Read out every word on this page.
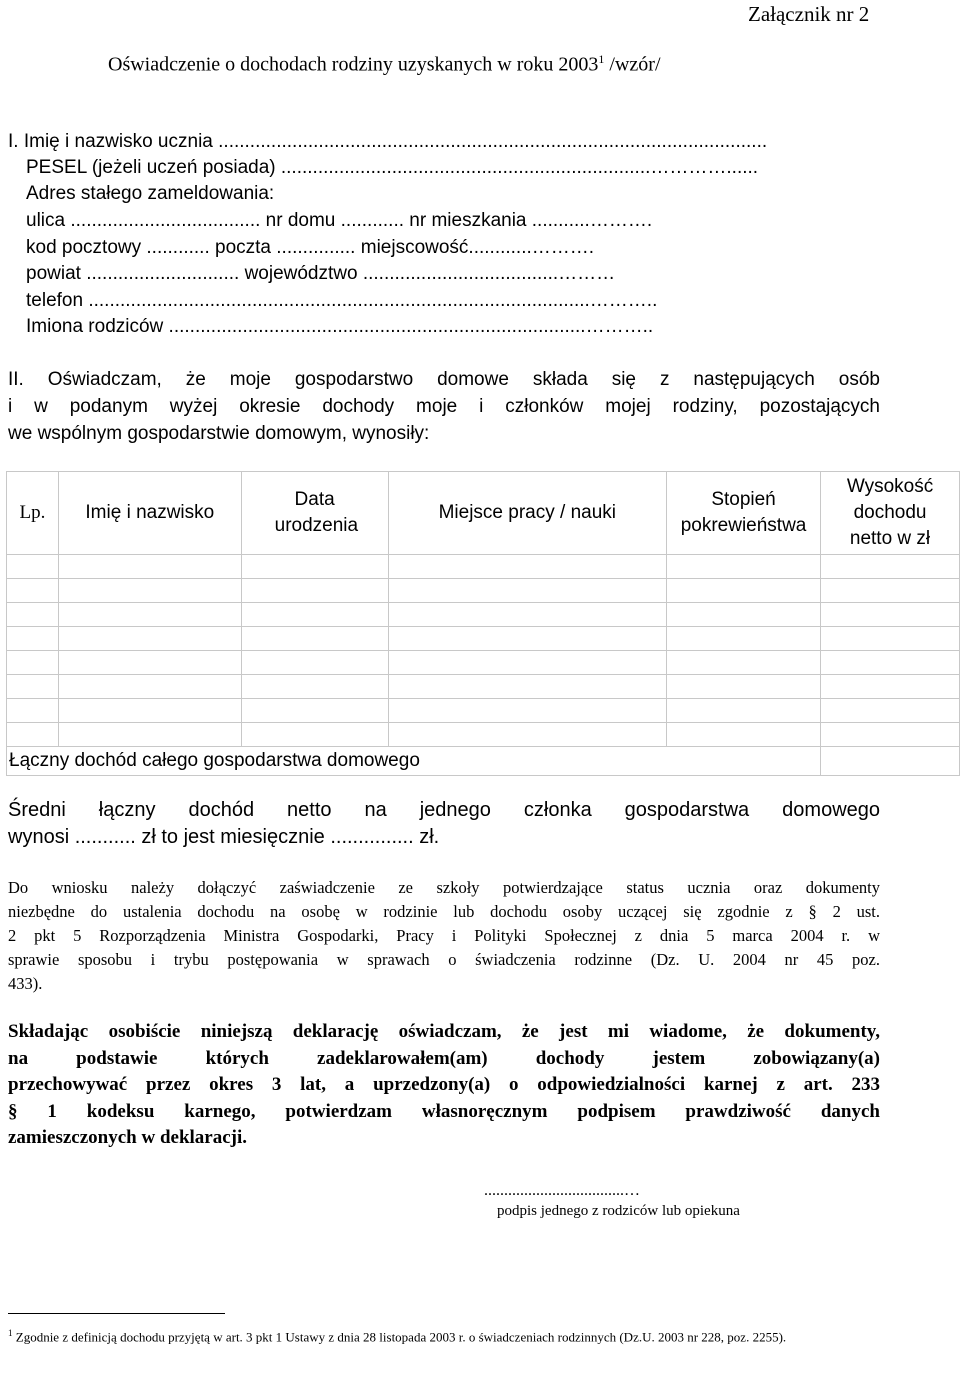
Załącznik nr 2
Oświadczenie o dochodach rodziny uzyskanych w roku 2003$^1$ /wzór/
I. Imię i nazwisko ucznia ........................................................................................................
PESEL (jeżeli uczeń posiada) ......................................................................…………......
Adres stałego zameldowania:
ulica .................................... nr domu ............ nr mieszkania ...........……….
kod pocztowy ............ poczta ............... miejscowość............……….
powiat ............................. województwo .....................................………
telefon ...............................................................................................………..
Imiona rodziców ...............................................................................………..
II. Oświadczam, że moje gospodarstwo domowe składa się z następujących osób
i w podanym wyżej okresie dochody moje i członków mojej rodziny, pozostających
we wspólnym gospodarstwie domowym, wynosiły:
Lp.	Imię i nazwisko	Data urodzenia	Miejsce pracy / nauki	Stopień pokrewieństwa	Wysokość dochodu netto w zł

Łączny dochód całego gospodarstwa domowego					
Średni łączny dochód netto na jednego członka gospodarstwa domowego
wynosi ........... zł to jest miesięcznie ............... zł.
Do wniosku należy dołączyć zaświadczenie ze szkoły potwierdzające status ucznia oraz dokumenty
niezbędne do ustalenia dochodu na osobę w rodzinie lub dochodu osoby uczącej się zgodnie z § 2 ust.
2 pkt 5 Rozporządzenia Ministra Gospodarki, Pracy i Polityki Społecznej z dnia 5 marca 2004 r. w
sprawie sposobu i trybu postępowania w sprawach o świadczenia rodzinne (Dz. U. 2004 nr 45 poz.
433).
Składając osobiście niniejszą deklarację oświadczam, że jest mi wiadome, że dokumenty,
na podstawie których zadeklarowałem(am) dochody jestem zobowiązany(a)
przechowywać przez okres 3 lat, a uprzedzony(a) o odpowiedzialności karnej z art. 233
§ 1 kodeksu karnego, potwierdzam własnoręcznym podpisem prawdziwość danych
zamieszczonych w deklaracji.
...................................…
podpis jednego z rodziców lub opiekuna
$^1$ Zgodnie z definicją dochodu przyjętą w art. 3 pkt 1 Ustawy z dnia 28 listopada 2003 r. o świadczeniach rodzinnych (Dz.U. 2003 nr 228, poz. 2255).
